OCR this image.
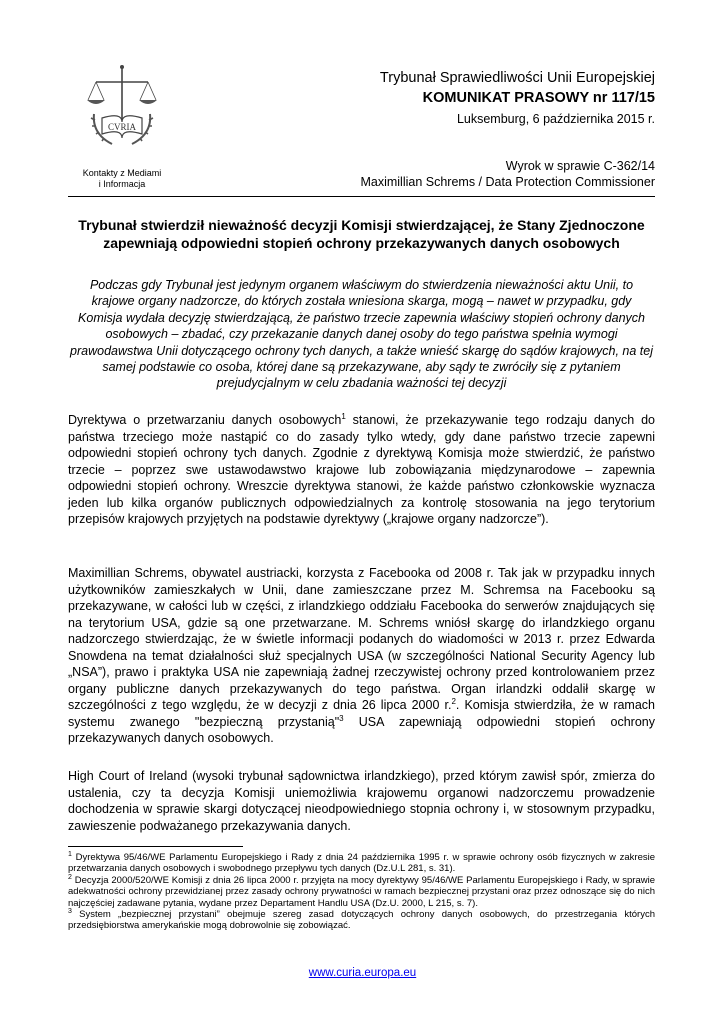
CVRIA
Kontakty z Mediami
i Informacja
Trybunał Sprawiedliwości Unii Europejskiej
KOMUNIKAT PRASOWY nr 117/15
Luksemburg, 6 października 2015 r.
Wyrok w sprawie C-362/14
Maximillian Schrems / Data Protection Commissioner
Trybunał stwierdził nieważność decyzji Komisji stwierdzającej, że Stany Zjednoczone zapewniają odpowiedni stopień ochrony przekazywanych danych osobowych
Podczas gdy Trybunał jest jedynym organem właściwym do stwierdzenia nieważności aktu Unii, to krajowe organy nadzorcze, do których została wniesiona skarga, mogą – nawet w przypadku, gdy Komisja wydała decyzję stwierdzającą, że państwo trzecie zapewnia właściwy stopień ochrony danych osobowych – zbadać, czy przekazanie danych danej osoby do tego państwa spełnia wymogi prawodawstwa Unii dotyczącego ochrony tych danych, a także wnieść skargę do sądów krajowych, na tej samej podstawie co osoba, której dane są przekazywane, aby sądy te zwróciły się z pytaniem prejudycjalnym w celu zbadania ważności tej decyzji
Dyrektywa o przetwarzaniu danych osobowych$^1$ stanowi, że przekazywanie tego rodzaju danych do państwa trzeciego może nastąpić co do zasady tylko wtedy, gdy dane państwo trzecie zapewni odpowiedni stopień ochrony tych danych. Zgodnie z dyrektywą Komisja może stwierdzić, że państwo trzecie – poprzez swe ustawodawstwo krajowe lub zobowiązania międzynarodowe – zapewnia odpowiedni stopień ochrony. Wreszcie dyrektywa stanowi, że każde państwo członkowskie wyznacza jeden lub kilka organów publicznych odpowiedzialnych za kontrolę stosowania na jego terytorium przepisów krajowych przyjętych na podstawie dyrektywy („krajowe organy nadzorcze”).
Maximillian Schrems, obywatel austriacki, korzysta z Facebooka od 2008 r. Tak jak w przypadku innych użytkowników zamieszkałych w Unii, dane zamieszczane przez M. Schremsa na Facebooku są przekazywane, w całości lub w części, z irlandzkiego oddziału Facebooka do serwerów znajdujących się na terytorium USA, gdzie są one przetwarzane. M. Schrems wniósł skargę do irlandzkiego organu nadzorczego stwierdzając, że w świetle informacji podanych do wiadomości w 2013 r. przez Edwarda Snowdena na temat działalności służ specjalnych USA (w szczególności National Security Agency lub „NSA”), prawo i praktyka USA nie zapewniają żadnej rzeczywistej ochrony przed kontrolowaniem przez organy publiczne danych przekazywanych do tego państwa. Organ irlandzki oddalił skargę w szczególności z tego względu, że w decyzji z dnia 26 lipca 2000 r.$^2$. Komisja stwierdziła, że w ramach systemu zwanego "bezpieczną przystanią"$^3$ USA zapewniają odpowiedni stopień ochrony przekazywanych danych osobowych.
High Court of Ireland (wysoki trybunał sądownictwa irlandzkiego), przed którym zawisł spór, zmierza do ustalenia, czy ta decyzja Komisji uniemożliwia krajowemu organowi nadzorczemu prowadzenie dochodzenia w sprawie skargi dotyczącej nieodpowiedniego stopnia ochrony i, w stosownym przypadku, zawieszenie podważanego przekazywania danych.
$^1$ Dyrektywa 95/46/WE Parlamentu Europejskiego i Rady z dnia 24 października 1995 r. w sprawie ochrony osób fizycznych w zakresie przetwarzania danych osobowych i swobodnego przepływu tych danych (Dz.U.L 281, s. 31).
$^2$ Decyzja 2000/520/WE Komisji z dnia 26 lipca 2000 r. przyjęta na mocy dyrektywy 95/46/WE Parlamentu Europejskiego i Rady, w sprawie adekwatności ochrony przewidzianej przez zasady ochrony prywatności w ramach bezpiecznej przystani oraz przez odnoszące się do nich najczęściej zadawane pytania, wydane przez Departament Handlu USA (Dz.U. 2000, L 215, s. 7).
$^3$ System „bezpiecznej przystani” obejmuje szereg zasad dotyczących ochrony danych osobowych, do przestrzegania których przedsiębiorstwa amerykańskie mogą dobrowolnie się zobowiązać.
www.curia.europa.eu
